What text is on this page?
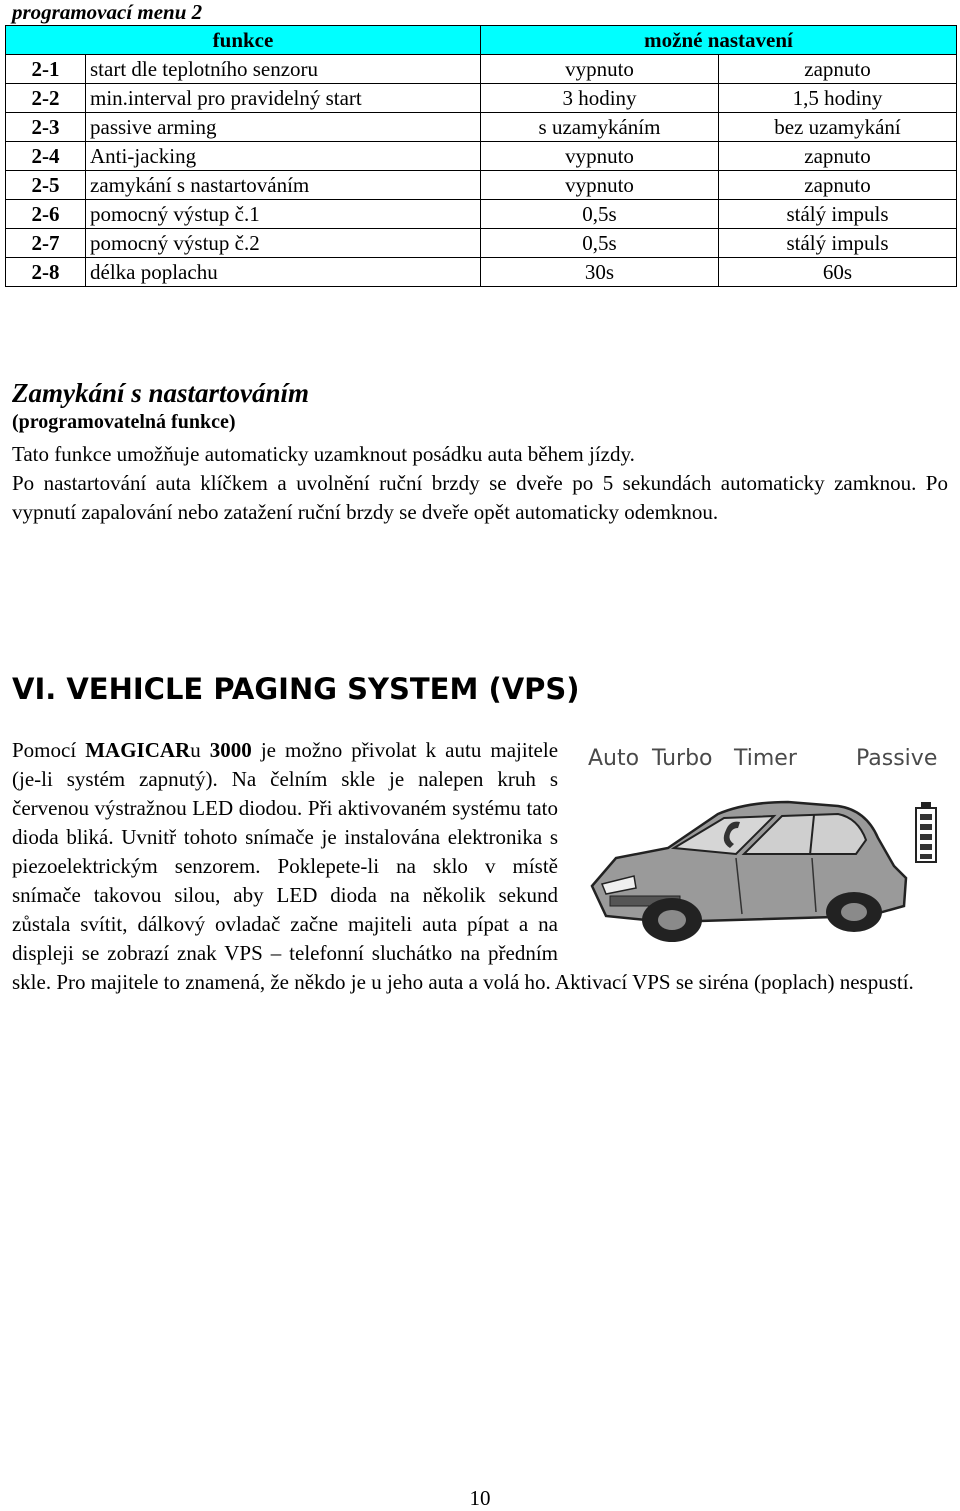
programovací menu 2
funkce		možné nastavení	
2-1	start dle teplotního senzoru	vypnuto	zapnuto
2-2	min.interval pro pravidelný start	3 hodiny	1,5 hodiny
2-3	passive arming	s uzamykáním	bez uzamykání
2-4	Anti-jacking	vypnuto	zapnuto
2-5	zamykání s nastartováním	vypnuto	zapnuto
2-6	pomocný výstup č.1	0,5s	stálý impuls
2-7	pomocný výstup č.2	0,5s	stálý impuls
2-8	délka poplachu	30s	60s
Zamykání s nastartováním
(programovatelná funkce)
Tato funkce umožňuje automaticky uzamknout posádku auta během jízdy.
Po nastartování auta klíčkem a uvolnění ruční brzdy se dveře po 5 sekundách automaticky zamknou. Po vypnutí zapalování nebo zatažení ruční brzdy se dveře opět automaticky odemknou.
VI. VEHICLE PAGING SYSTEM (VPS)
Auto Turbo Timer	Passive
Pomocí MAGICARu 3000 je možno přivolat k autu majitele (je-li systém zapnutý). Na čelním skle je nalepen kruh s červenou výstražnou LED diodou. Při aktivovaném systému tato dioda bliká. Uvnitř tohoto snímače je instalována elektronika s piezoelektrickým senzorem. Poklepete-li na sklo v místě snímače takovou silou, aby LED dioda na několik sekund zůstala svítit, dálkový ovladač začne majiteli auta pípat a na displeji se zobrazí znak VPS – telefonní sluchátko na předním skle. Pro majitele to znamená, že někdo je u jeho auta a volá ho. Aktivací VPS se siréna (poplach) nespustí.
10
